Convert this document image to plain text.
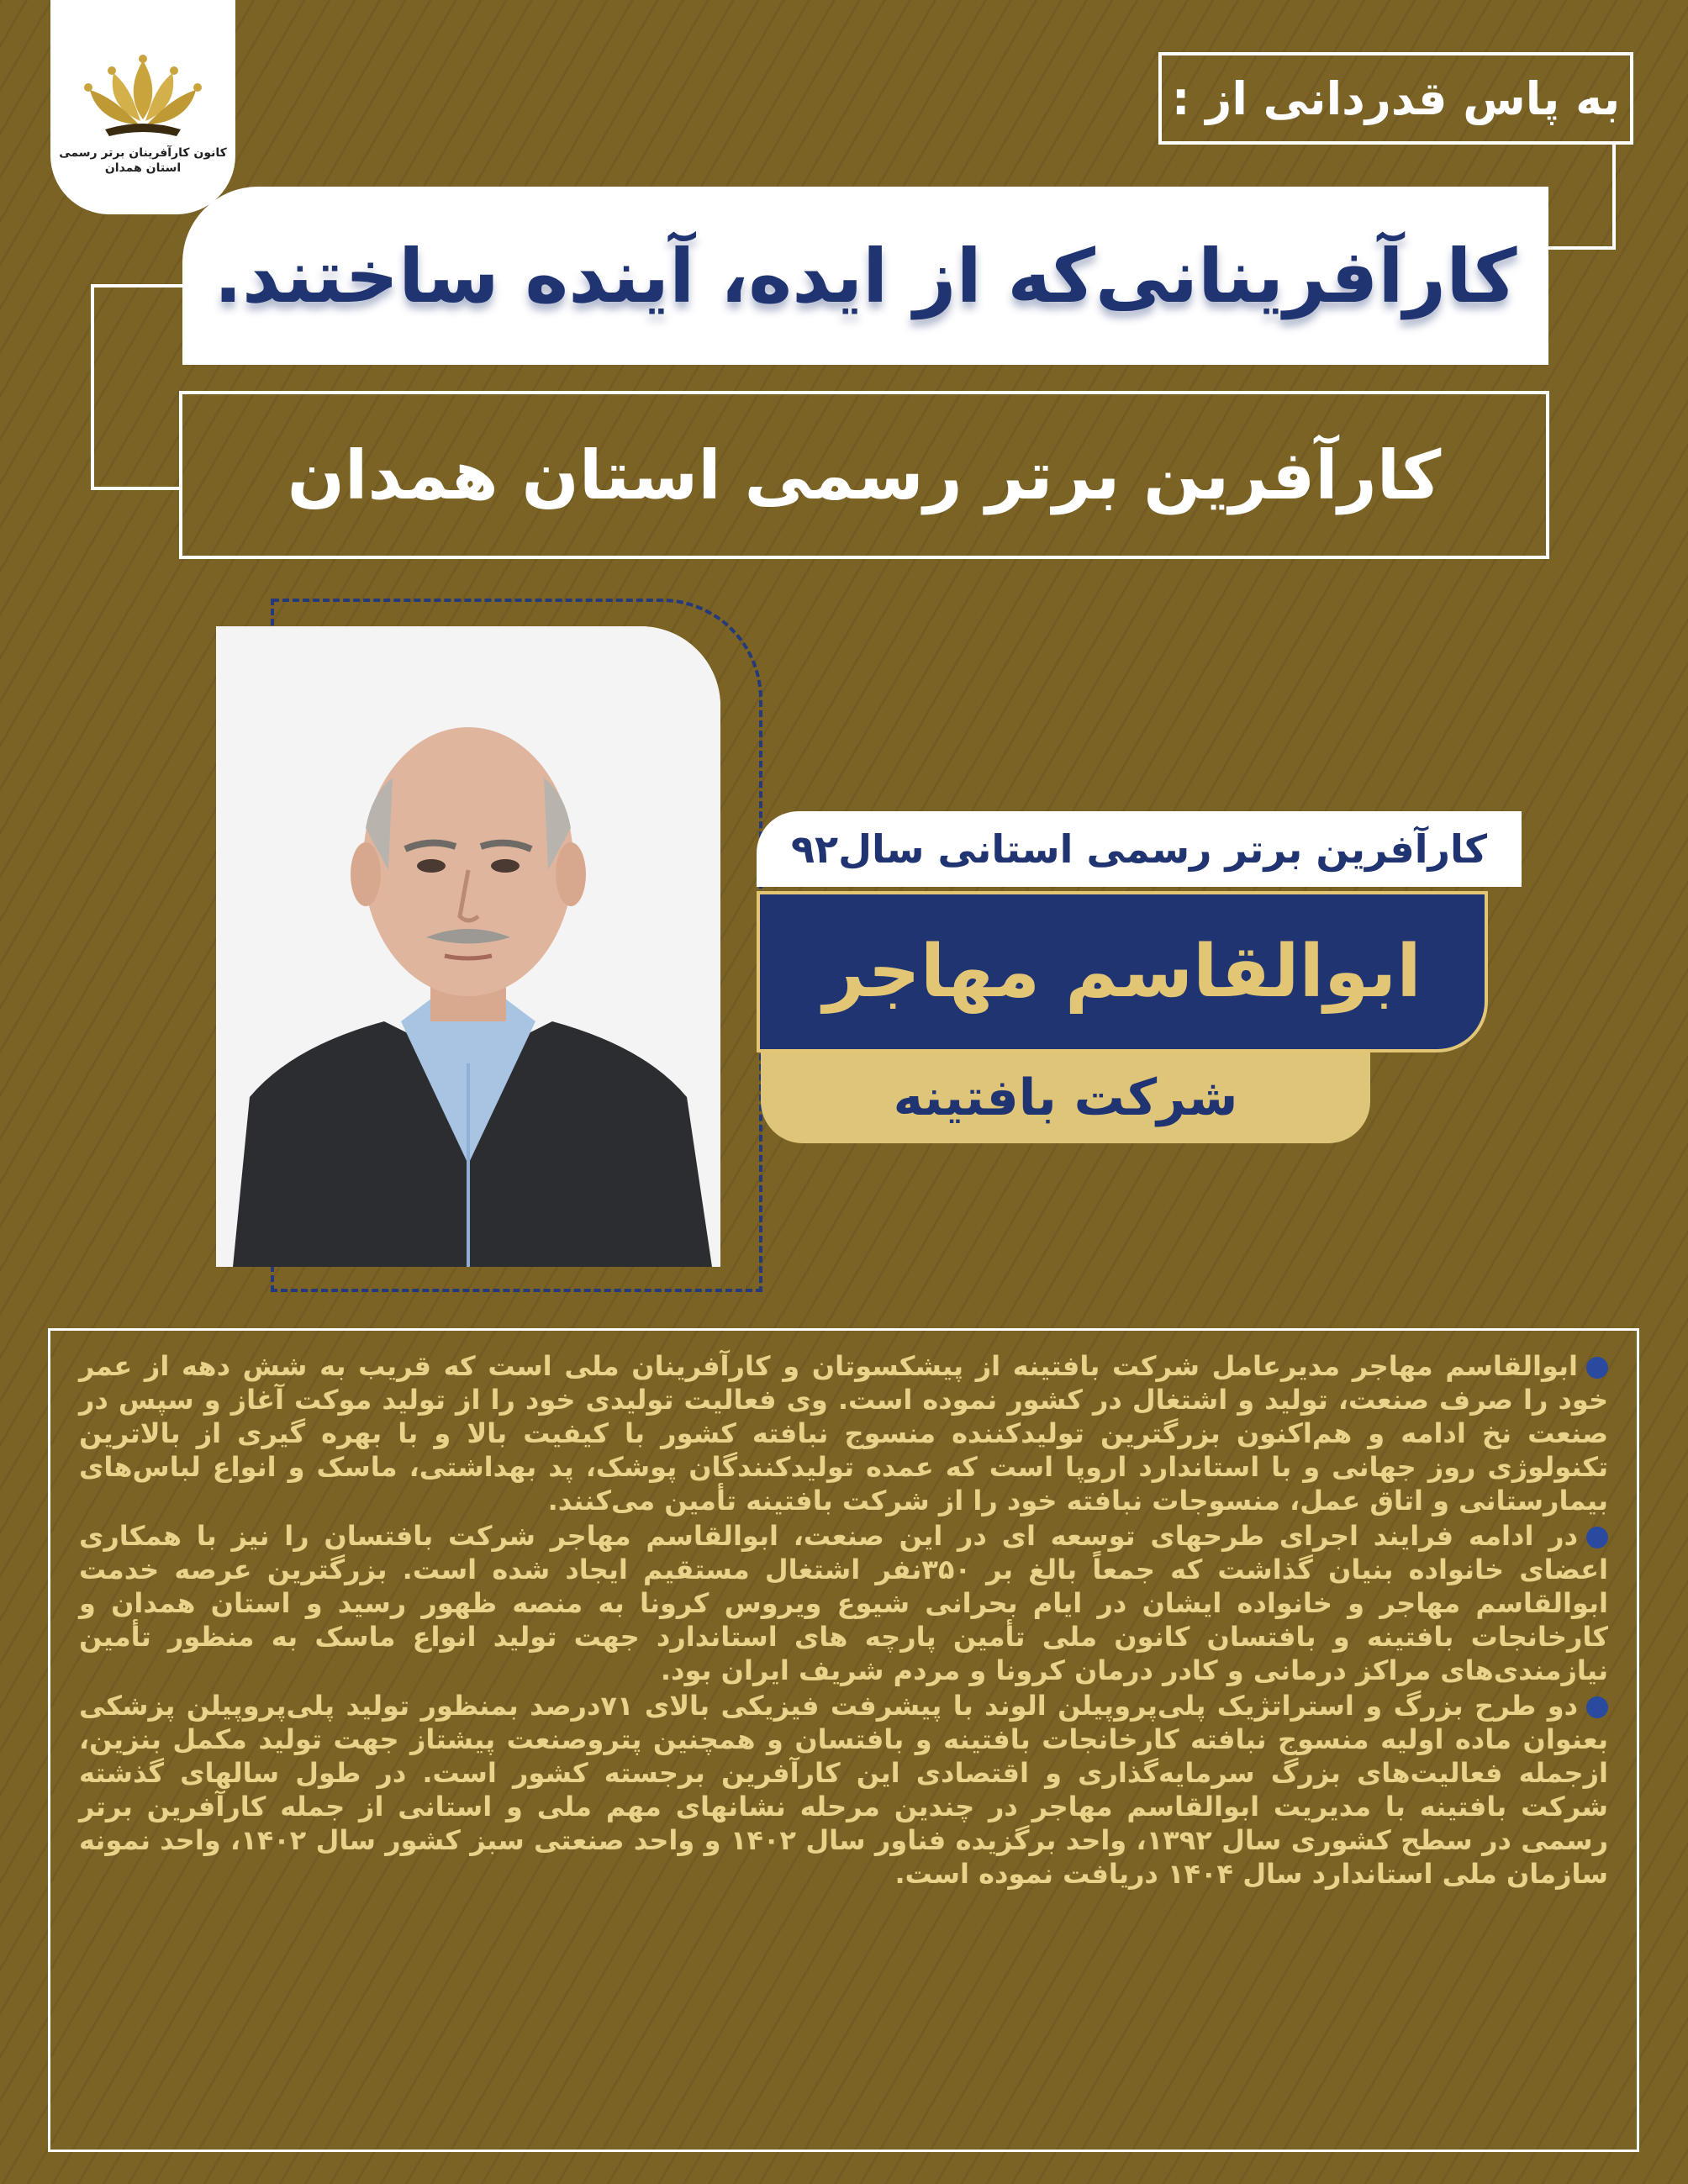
کانون کارآفرینان برتر رسمی
استان همدان
به پاس قدردانی از :
کارآفرینانی‌که از ایده، آینده ساختند.
کارآفرین برتر رسمی استان همدان
کارآفرین برتر رسمی استانی سال۹۲
ابوالقاسم مهاجر
شرکت بافتینه

ابوالقاسم مهاجر مدیرعامل شرکت بافتینه از پیشکسوتان و کارآفرینان ملی است که قریب به شش دهه از عمر خود را صرف صنعت، تولید و اشتغال در کشور نموده است. وی فعالیت تولیدی خود را از تولید موکت آغاز و سپس در صنعت نخ ادامه و هم‌اکنون بزرگترین تولیدکننده منسوج نبافته کشور با کیفیت بالا و با بهره گیری از بالاترین تکنولوژی روز جهانی و با استاندارد اروپا است که عمده تولیدکنندگان پوشک، پد بهداشتی، ماسک و انواع لباس‌های بیمارستانی و اتاق عمل، منسوجات نبافته خود را از شرکت بافتینه تأمین می‌کنند.

در ادامه فرایند اجرای طرحهای توسعه ای در این صنعت، ابوالقاسم مهاجر شرکت بافتسان را نیز با همکاری اعضای خانواده بنیان گذاشت که جمعاً بالغ بر ۳۵۰نفر اشتغال مستقیم ایجاد شده است. بزرگترین عرصه خدمت ابوالقاسم مهاجر و خانواده ایشان در ایام بحرانی شیوع ویروس کرونا به منصه ظهور رسید و استان همدان و کارخانجات بافتینه و بافتسان کانون ملی تأمین پارچه های استاندارد جهت تولید انواع ماسک به منظور تأمین نیازمندی‌های مراکز درمانی و کادر درمان کرونا و مردم شریف ایران بود.

دو طرح بزرگ و استراتژیک پلی‌پروپیلن الوند با پیشرفت فیزیکی بالای ۷۱درصد بمنظور تولید پلی‌پروپیلن پزشکی بعنوان ماده اولیه منسوج نبافته کارخانجات بافتینه و بافتسان و همچنین پتروصنعت پیشتاز جهت تولید مکمل بنزین، ازجمله فعالیت‌های بزرگ سرمایه‌گذاری و اقتصادی این کارآفرین برجسته کشور است. در طول سالهای گذشته شرکت بافتینه با مدیریت ابوالقاسم مهاجر در چندین مرحله نشانهای مهم ملی و استانی از جمله کارآفرین برتر رسمی در سطح کشوری سال ۱۳۹۲، واحد برگزیده فناور سال ۱۴۰۲ و واحد صنعتی سبز کشور سال ۱۴۰۲، واحد نمونه سازمان ملی استاندارد سال ۱۴۰۴ دریافت نموده است.
